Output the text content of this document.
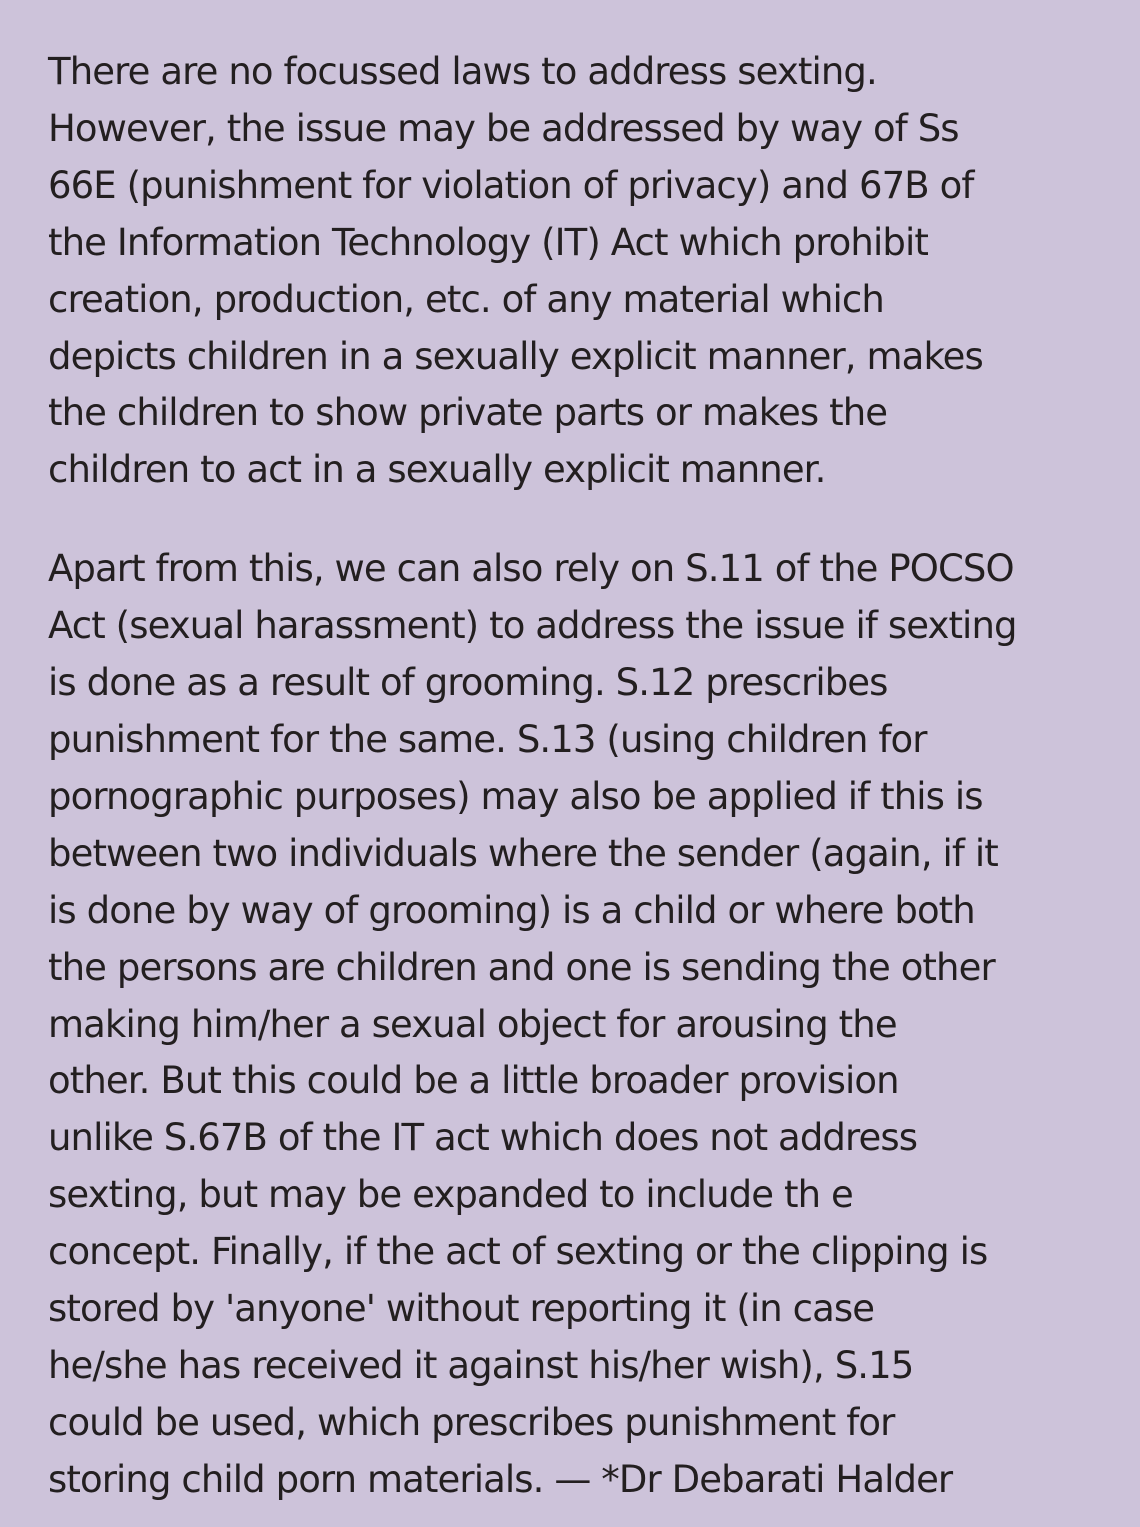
There are no focussed laws to address sexting.
However, the issue may be addressed by way of Ss
66E (punishment for violation of privacy) and 67B of
the Information Technology (IT) Act which prohibit
creation, production, etc. of any material which
depicts children in a sexually explicit manner, makes
the children to show private parts or makes the
children to act in a sexually explicit manner.

Apart from this, we can also rely on S.11 of the POCSO
Act (sexual harassment) to address the issue if sexting
is done as a result of grooming. S.12 prescribes
punishment for the same. S.13 (using children for
pornographic purposes) may also be applied if this is
between two individuals where the sender (again, if it
is done by way of grooming) is a child or where both
the persons are children and one is sending the other
making him/her a sexual object for arousing the
other. But this could be a little broader provision
unlike S.67B of the IT act which does not address
sexting, but may be expanded to include th e
concept. Finally, if the act of sexting or the clipping is
stored by 'anyone' without reporting it (in case
he/she has received it against his/her wish), S.15
could be used, which prescribes punishment for
storing child porn materials. — *Dr Debarati Halder
